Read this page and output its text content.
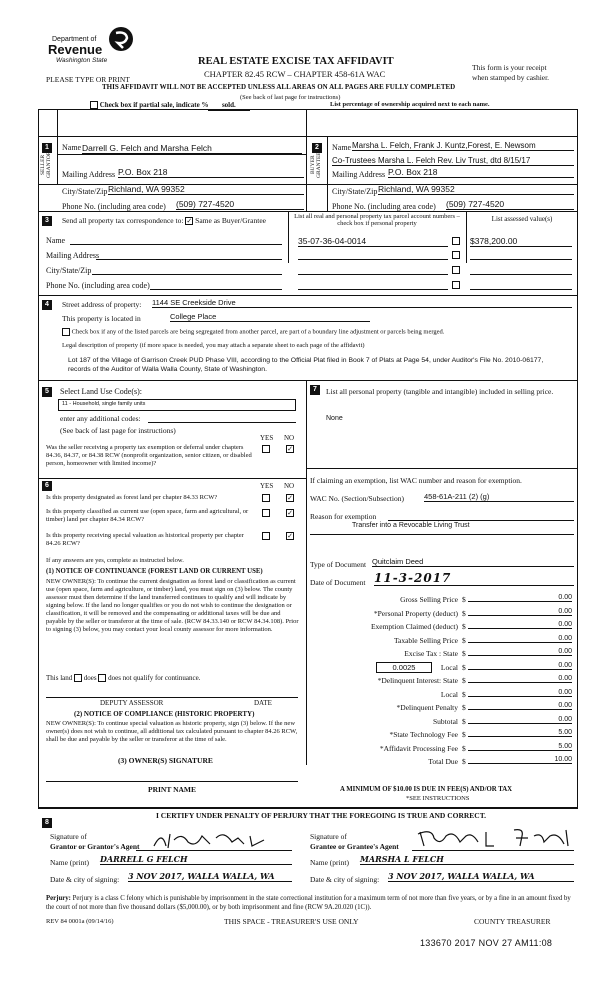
Department of
Revenue
Washington State	REAL ESTATE EXCISE TAX AFFIDAVIT
CHAPTER 82.45 RCW – CHAPTER 458-61A WAC
PLEASE TYPE OR PRINT
This form is your receipt
when stamped by cashier.
THIS AFFIDAVIT WILL NOT BE ACCEPTED UNLESS ALL AREAS ON ALL PAGES ARE FULLY COMPLETED
(See back of last page for instructions)
Check box if partial sale, indicate % sold.	List percentage of ownership acquired next to each name.
1
SELLER GRANTOR
Name Darrell G. Felch and Marsha Felch
Mailing Address P.O. Box 218
City/State/Zip Richland, WA 99352
Phone No. (including area code) (509) 727-4520
2
BUYER GRANTEE
Name Marsha L. Felch, Frank J. Kuntz,Forest, E. Newsom
Co-Trustees Marsha L. Felch Rev. Liv Trust, dtd 8/15/17
Mailing Address P.O. Box 218
City/State/Zip Richland, WA 99352
Phone No. (including area code) (509) 727-4520
3	Send all property tax correspondence to: ✓ Same as Buyer/Grantee
Name
Mailing Address
City/State/Zip
Phone No. (including area code)
List all real and personal property tax parcel account numbers – check box if personal property
List assessed value(s)
35-07-36-04-0014	$378,200.00
4	Street address of property: 1144 SE Creekside Drive
This property is located in	College Place
Check box if any of the listed parcels are being segregated from another parcel, are part of a boundary line adjustment or parcels being merged.
Legal description of property (if more space is needed, you may attach a separate sheet to each page of the affidavit)
Lot 187 of the Village of Garrison Creek PUD Phase VIII, according to the Official Plat filed in Book 7 of Plats at Page 54, under Auditor's File No. 2010-06177, records of the Auditor of Walla Walla County, State of Washington.
5	Select Land Use Code(s):
11 - Household, single family units
enter any additional codes:
(See back of last page for instructions)
YES NO
Was the seller receiving a property tax exemption or deferral under chapters 84.36, 84.37, or 84.38 RCW (nonprofit organization, senior citizen, or disabled person, homeowner with limited income)?
✓
6	YES NO
Is this property designated as forest land per chapter 84.33 RCW?	✓
Is this property classified as current use (open space, farm and agricultural, or timber) land per chapter 84.34 RCW?
✓
Is this property receiving special valuation as historical property per chapter 84.26 RCW?
✓
If any answers are yes, complete as instructed below.
(1) NOTICE OF CONTINUANCE (FOREST LAND OR CURRENT USE)
NEW OWNER(S): To continue the current designation as forest land or classification as current use (open space, farm and agriculture, or timber) land, you must sign on (3) below. The county assessor must then determine if the land transferred continues to qualify and will indicate by signing below. If the land no longer qualifies or you do not wish to continue the designation or classification, it will be removed and the compensating or additional taxes will be due and payable by the seller or transferor at the time of sale. (RCW 84.33.140 or RCW 84.34.108). Prior to signing (3) below, you may contact your local county assessor for more information.
This land does does not qualify for continuance.
DEPUTY ASSESSOR	DATE
(2) NOTICE OF COMPLIANCE (HISTORIC PROPERTY)
NEW OWNER(S): To continue special valuation as historic property, sign (3) below. If the new owner(s) does not wish to continue, all additional tax calculated pursuant to chapter 84.26 RCW, shall be due and payable by the seller or transferor at the time of sale.
(3) OWNER(S) SIGNATURE
PRINT NAME
7	List all personal property (tangible and intangible) included in selling price.
None
If claiming an exemption, list WAC number and reason for exemption.
WAC No. (Section/Subsection)	458-61A-211 (2) (g)
Reason for exemption
Transfer into a Revocable Living Trust
Type of Document Quitclaim Deed
Date of Document 11-3-2017
Gross Selling Price $	0.00
*Personal Property (deduct) $	0.00
Exemption Claimed (deduct) $	0.00
Taxable Selling Price $	0.00
Excise Tax : State $	0.00
Local $	0.00
*Delinquent Interest: State $	0.00
Local $	0.00
*Delinquent Penalty $	0.00
Subtotal $	0.00
*State Technology Fee $	5.00
*Affidavit Processing Fee $	5.00
Total Due $	10.00
0.0025
A MINIMUM OF $10.00 IS DUE IN FEE(S) AND/OR TAX
*SEE INSTRUCTIONS
8
I CERTIFY UNDER PENALTY OF PERJURY THAT THE FOREGOING IS TRUE AND CORRECT.
Signature of
Grantor or Grantor's Agent
Name (print) DARRELL G FELCH
Date & city of signing: 3 NOV 2017, WALLA WALLA, WA
Signature of
Grantee or Grantee's Agent
Name (print) MARSHA L FELCH
Date & city of signing: 3 NOV 2017, WALLA WALLA, WA
Perjury: Perjury is a class C felony which is punishable by imprisonment in the state correctional institution for a maximum term of not more than five years, or by a fine in an amount fixed by the court of not more than five thousand dollars ($5,000.00), or by both imprisonment and fine (RCW 9A.20.020 (1C)).
REV 84 0001a (09/14/16)	THIS SPACE - TREASURER'S USE ONLY	COUNTY TREASURER
133670 2017 NOV 27 AM11:08
